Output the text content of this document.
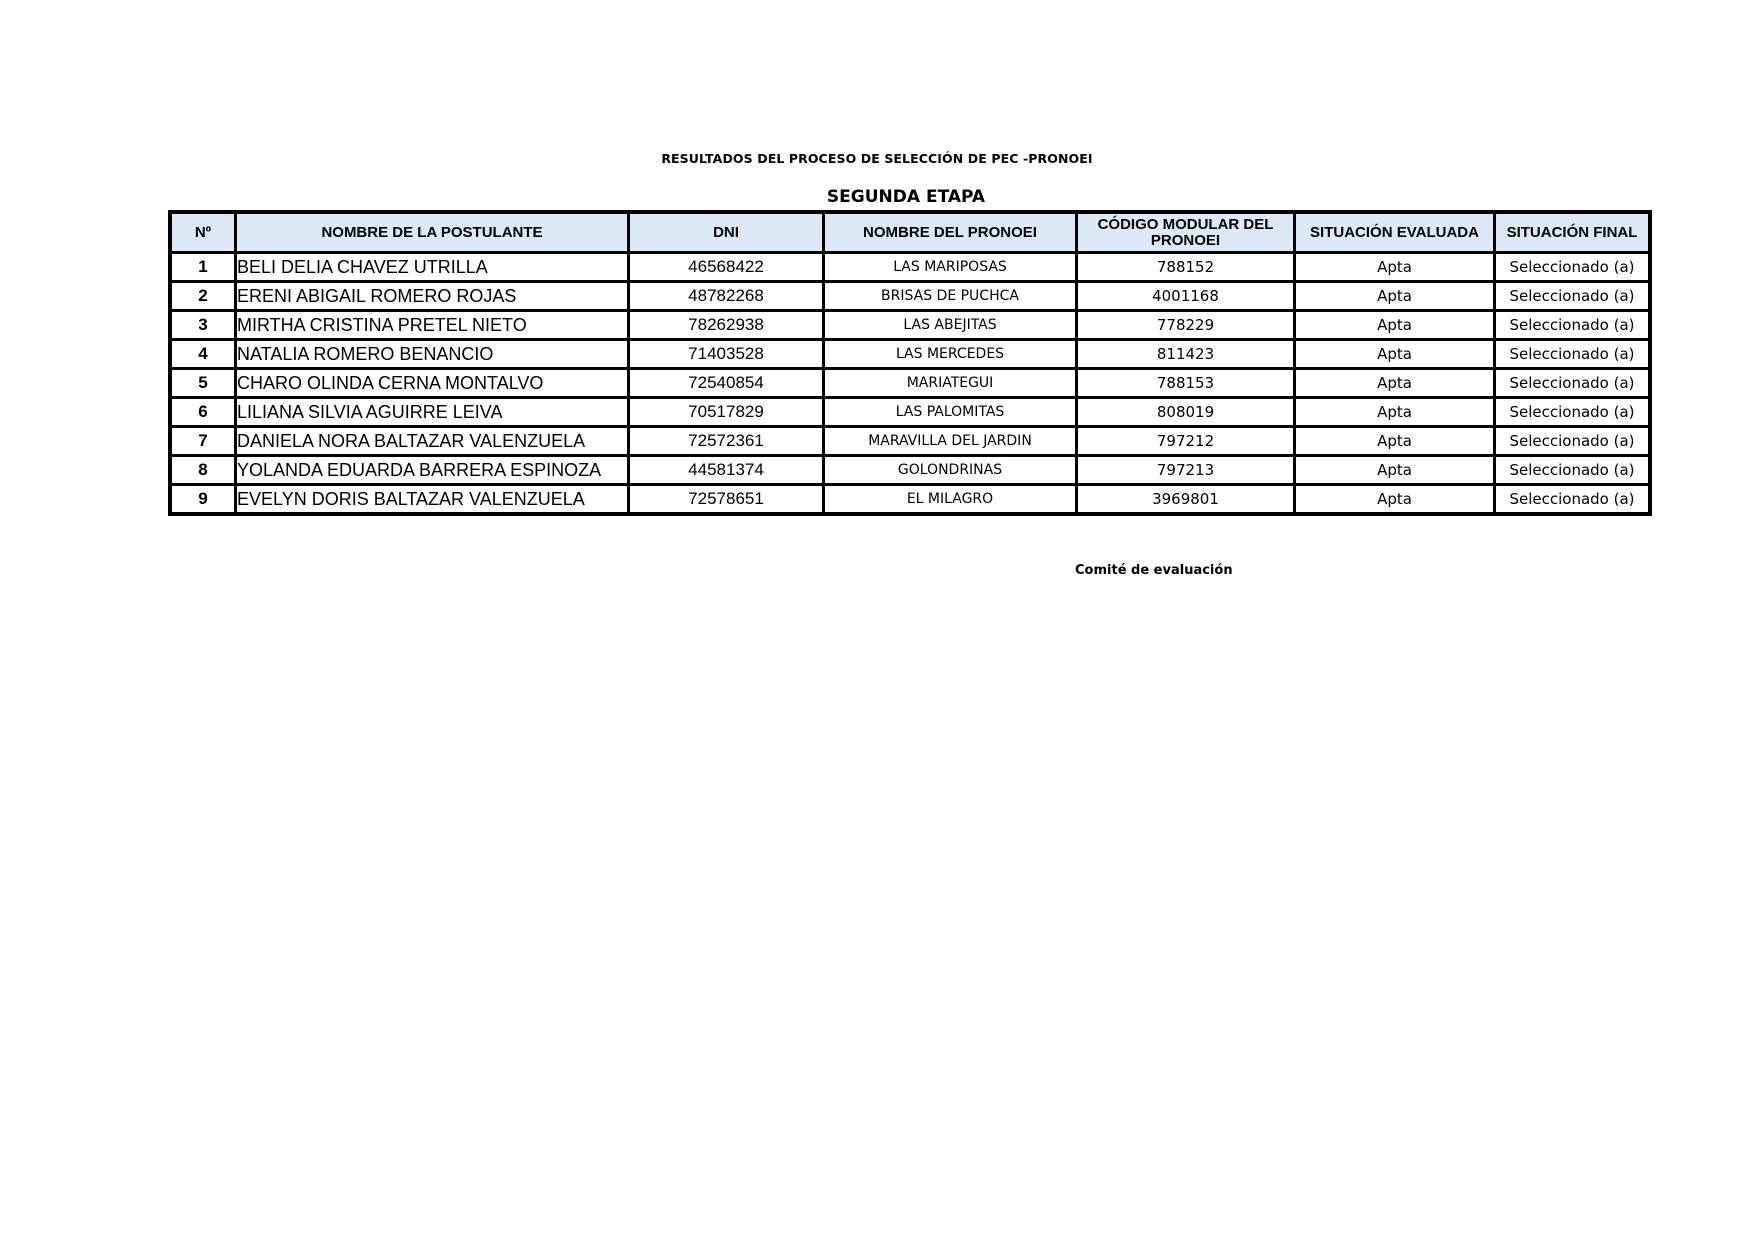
RESULTADOS DEL PROCESO DE SELECCIÓN DE PEC -PRONOEI
SEGUNDA ETAPA
Nº	NOMBRE DE LA POSTULANTE	DNI	NOMBRE DEL PRONOEI	CÓDIGO MODULAR DEL PRONOEI	SITUACIÓN EVALUADA	SITUACIÓN FINAL
1	BELI DELIA CHAVEZ UTRILLA	46568422	LAS MARIPOSAS	788152	Apta	Seleccionado (a)
2	ERENI ABIGAIL ROMERO ROJAS	48782268	BRISAS DE PUCHCA	4001168	Apta	Seleccionado (a)
3	MIRTHA CRISTINA PRETEL NIETO	78262938	LAS ABEJITAS	778229	Apta	Seleccionado (a)
4	NATALIA ROMERO BENANCIO	71403528	LAS MERCEDES	811423	Apta	Seleccionado (a)
5	CHARO OLINDA CERNA MONTALVO	72540854	MARIATEGUI	788153	Apta	Seleccionado (a)
6	LILIANA SILVIA AGUIRRE LEIVA	70517829	LAS PALOMITAS	808019	Apta	Seleccionado (a)
7	DANIELA NORA BALTAZAR VALENZUELA	72572361	MARAVILLA DEL JARDIN	797212	Apta	Seleccionado (a)
8	YOLANDA EDUARDA BARRERA ESPINOZA	44581374	GOLONDRINAS	797213	Apta	Seleccionado (a)
9	EVELYN DORIS BALTAZAR VALENZUELA	72578651	EL MILAGRO	3969801	Apta	Seleccionado (a)
Comité de evaluación
